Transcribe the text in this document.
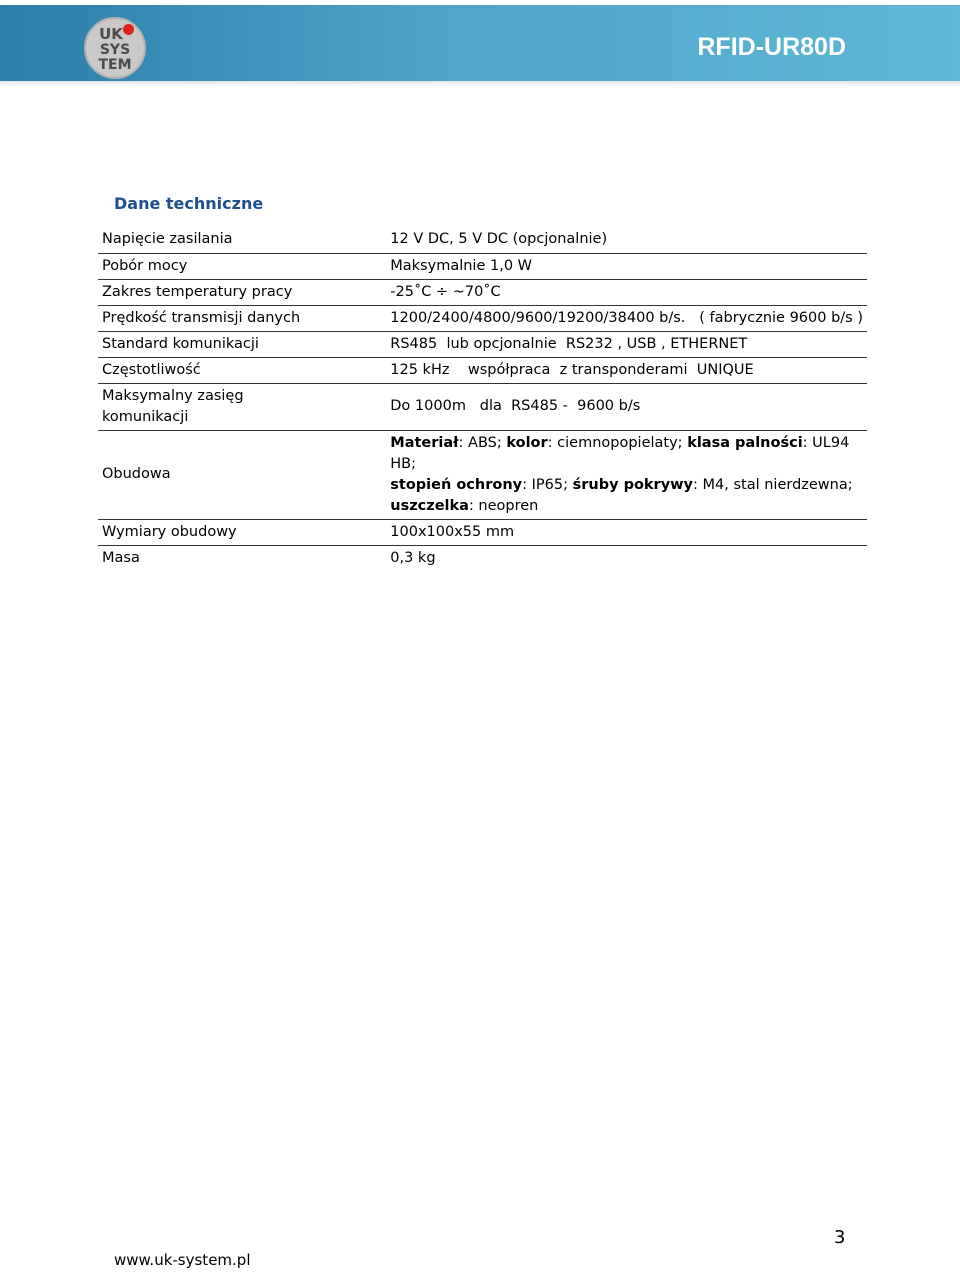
UK
SYS
TEM
RFID-UR80D
Dane techniczne
Napięcie zasilania	12 V DC, 5 V DC (opcjonalnie)
Pobór mocy	Maksymalnie 1,0 W
Zakres temperatury pracy	-25˚C ÷ ~70˚C
Prędkość transmisji danych	1200/2400/4800/9600/19200/38400 b/s.   ( fabrycznie 9600 b/s )
Standard komunikacji	RS485  lub opcjonalnie  RS232 , USB , ETHERNET
Częstotliwość	125 kHz    współpraca  z transponderami  UNIQUE
Maksymalny zasięg komunikacji	Do 1000m   dla  RS485 -  9600 b/s
Obudowa	Materiał: ABS; kolor: ciemnopopielaty; klasa palności: UL94 HB;
stopień ochrony: IP65; śruby pokrywy: M4, stal nierdzewna; uszczelka: neopren
Wymiary obudowy	100x100x55 mm
Masa	0,3 kg
www.uk-system.pl
3
